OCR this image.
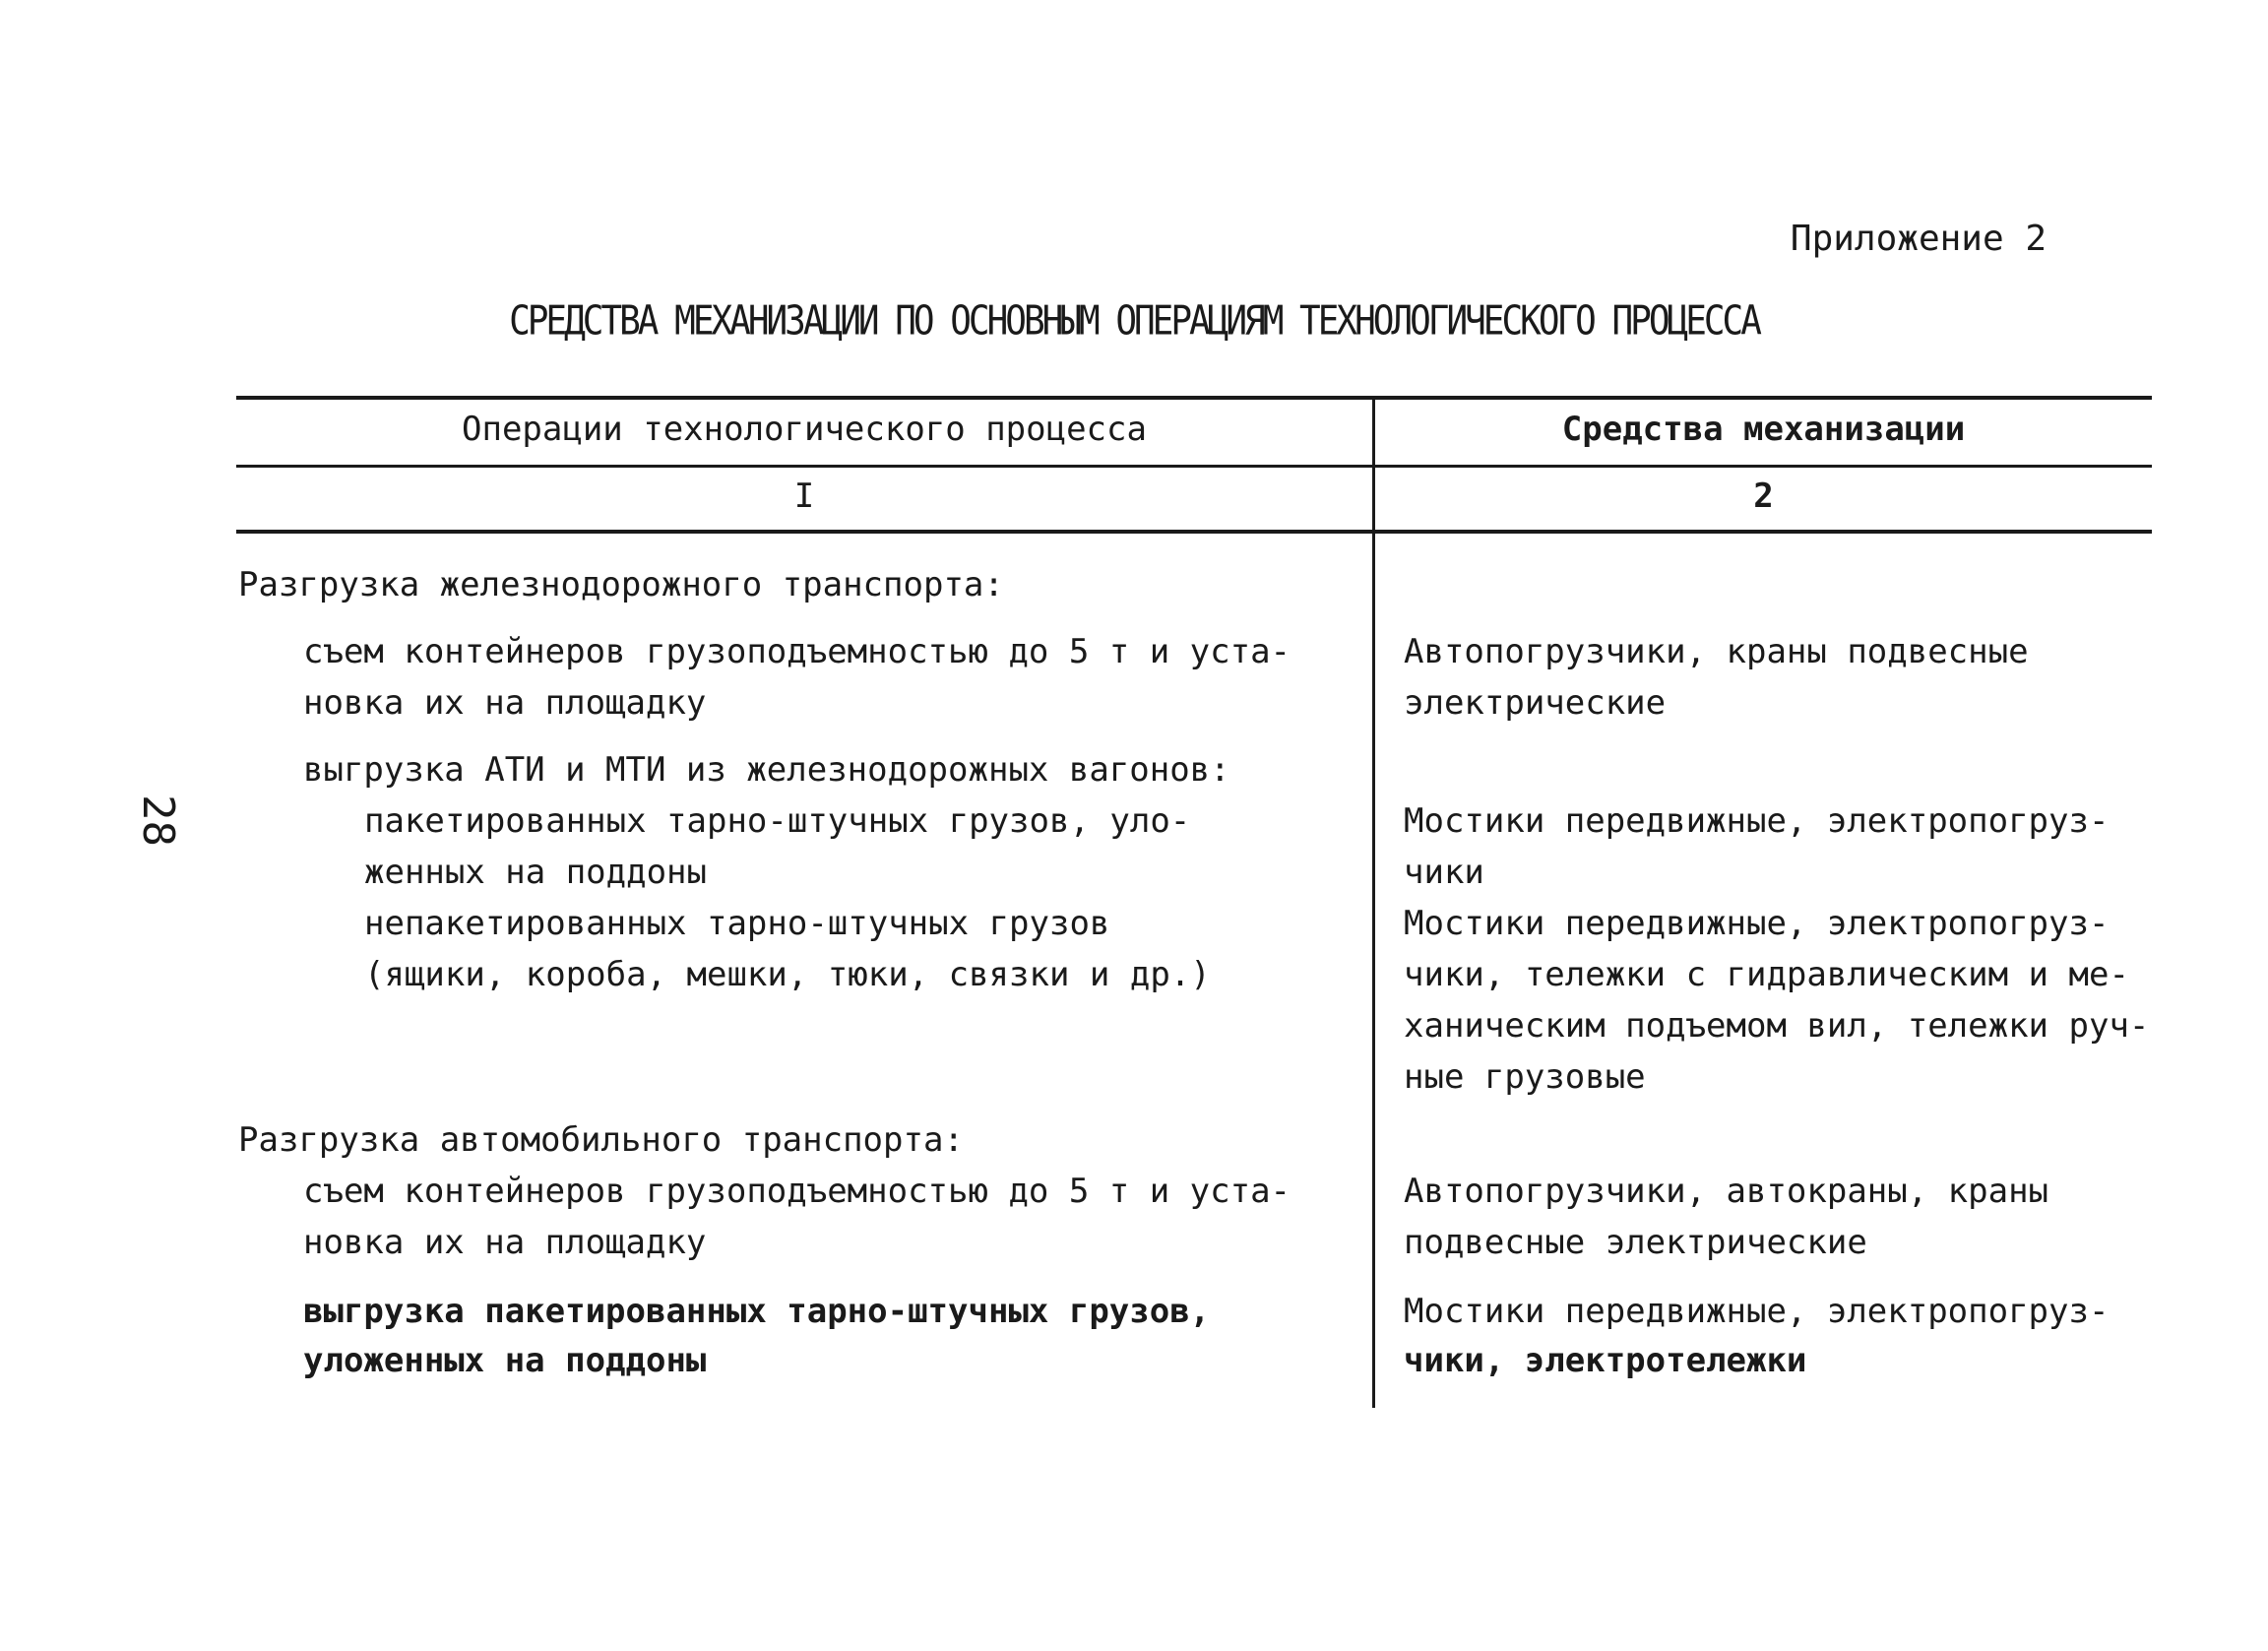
Приложение 2
СРЕДСТВА МЕХАНИЗАЦИИ ПО ОСНОВНЫМ ОПЕРАЦИЯМ ТЕХНОЛОГИЧЕСКОГО ПРОЦЕССА
28
Операции технологического процесса	Средства механизации
I	2
Разгрузка железнодорожного транспорта:
съем контейнеров грузоподъемностью до 5 т и уста-
новка их на площадку
Автопогрузчики, краны подвесные
электрические
выгрузка АТИ и МТИ из железнодорожных вагонов:
пакетированных тарно-штучных грузов, уло-
женных на поддоны
Мостики передвижные, электропогруз-
чики
непакетированных тарно-штучных грузов
(ящики, короба, мешки, тюки, связки и др.)
Мостики передвижные, электропогруз-
чики, тележки с гидравлическим и ме-
ханическим подъемом вил, тележки руч-
ные грузовые
Разгрузка автомобильного транспорта:
съем контейнеров грузоподъемностью до 5 т и уста-
новка их на площадку
Автопогрузчики, автокраны, краны
подвесные электрические
выгрузка пакетированных тарно-штучных грузов,
уложенных на поддоны
Мостики передвижные, электропогруз-
чики, электротележки
